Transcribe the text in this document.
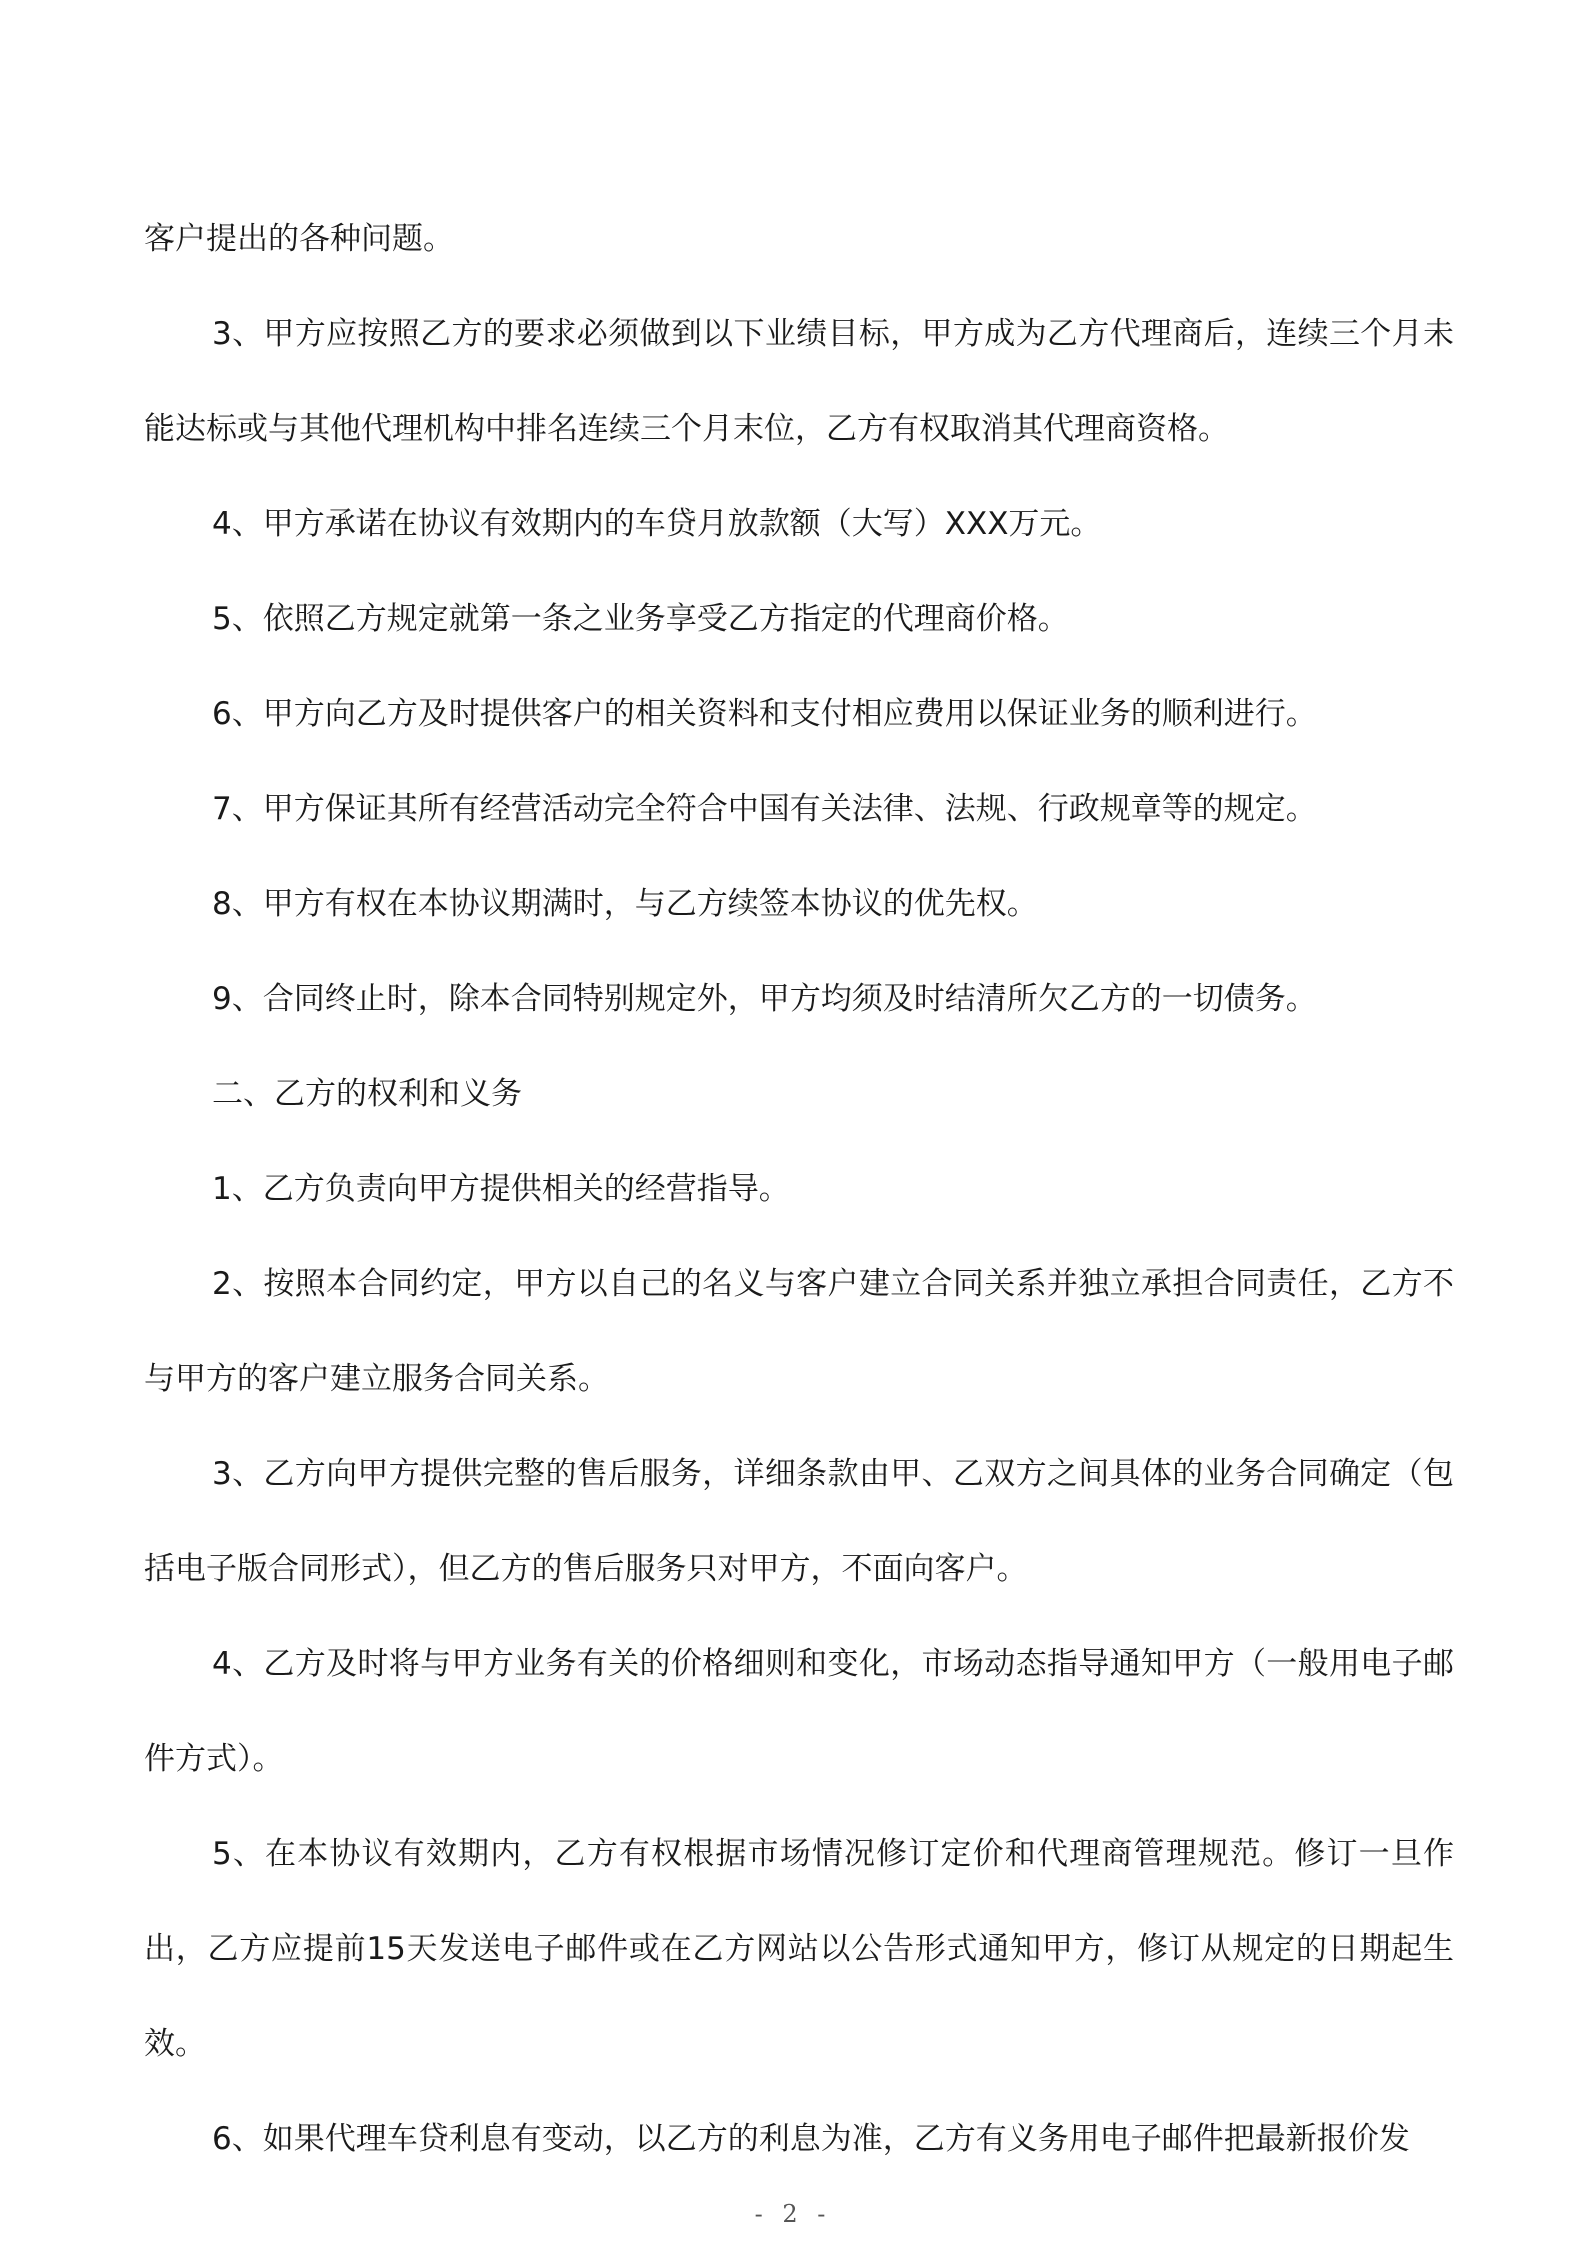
客户提出的各种问题。

3、甲方应按照乙方的要求必须做到以下业绩目标，甲方成为乙方代理商后，连续三个月未能达标或与其他代理机构中排名连续三个月末位，乙方有权取消其代理商资格。

4、甲方承诺在协议有效期内的车贷月放款额（大写）XXX万元。

5、依照乙方规定就第一条之业务享受乙方指定的代理商价格。

6、甲方向乙方及时提供客户的相关资料和支付相应费用以保证业务的顺利进行。

7、甲方保证其所有经营活动完全符合中国有关法律、法规、行政规章等的规定。

8、甲方有权在本协议期满时，与乙方续签本协议的优先权。

9、合同终止时，除本合同特别规定外，甲方均须及时结清所欠乙方的一切债务。

二、乙方的权利和义务

1、乙方负责向甲方提供相关的经营指导。

2、按照本合同约定，甲方以自己的名义与客户建立合同关系并独立承担合同责任，乙方不与甲方的客户建立服务合同关系。

3、乙方向甲方提供完整的售后服务，详细条款由甲、乙双方之间具体的业务合同确定（包括电子版合同形式），但乙方的售后服务只对甲方，不面向客户。

4、乙方及时将与甲方业务有关的价格细则和变化，市场动态指导通知甲方（一般用电子邮件方式）。

5、在本协议有效期内，乙方有权根据市场情况修订定价和代理商管理规范。修订一旦作出，乙方应提前15天发送电子邮件或在乙方网站以公告形式通知甲方，修订从规定的日期起生效。

6、如果代理车贷利息有变动，以乙方的利息为准，乙方有义务用电子邮件把最新报价发

- 2 -
